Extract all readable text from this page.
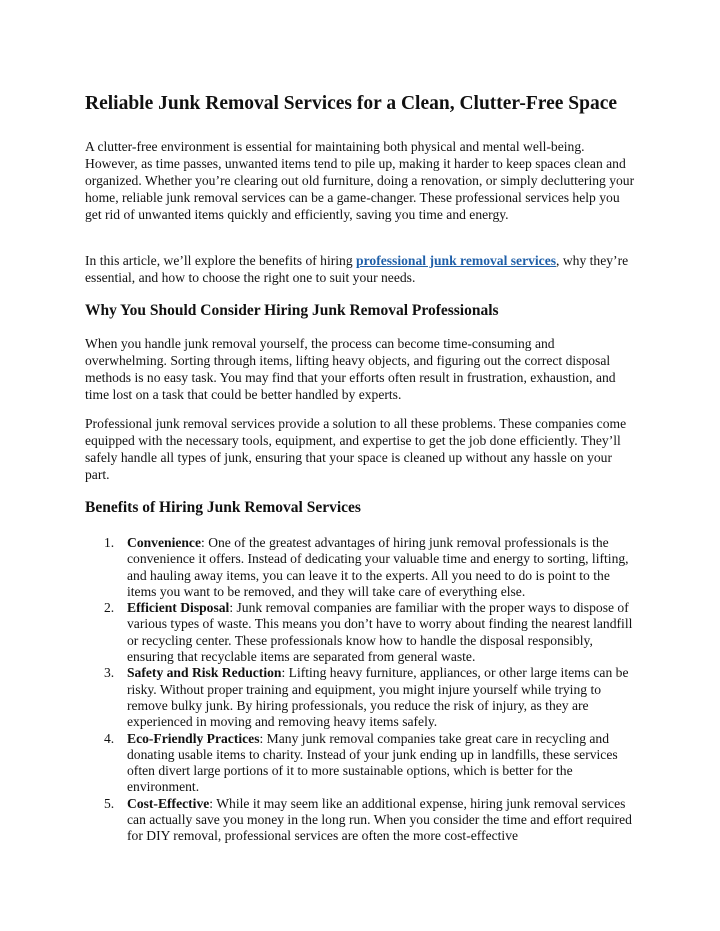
Reliable Junk Removal Services for a Clean, Clutter-Free Space

A clutter-free environment is essential for maintaining both physical and mental well-being. However, as time passes, unwanted items tend to pile up, making it harder to keep spaces clean and organized. Whether you’re clearing out old furniture, doing a renovation, or simply decluttering your home, reliable junk removal services can be a game-changer. These professional services help you get rid of unwanted items quickly and efficiently, saving you time and energy.

In this article, we’ll explore the benefits of hiring professional junk removal services, why they’re essential, and how to choose the right one to suit your needs.

Why You Should Consider Hiring Junk Removal Professionals

When you handle junk removal yourself, the process can become time-consuming and overwhelming. Sorting through items, lifting heavy objects, and figuring out the correct disposal methods is no easy task. You may find that your efforts often result in frustration, exhaustion, and time lost on a task that could be better handled by experts.

Professional junk removal services provide a solution to all these problems. These companies come equipped with the necessary tools, equipment, and expertise to get the job done efficiently. They’ll safely handle all types of junk, ensuring that your space is cleaned up without any hassle on your part.

Benefits of Hiring Junk Removal Services
1. Convenience: One of the greatest advantages of hiring junk removal professionals is the convenience it offers. Instead of dedicating your valuable time and energy to sorting, lifting, and hauling away items, you can leave it to the experts. All you need to do is point to the items you want to be removed, and they will take care of everything else.
2. Efficient Disposal: Junk removal companies are familiar with the proper ways to dispose of various types of waste. This means you don’t have to worry about finding the nearest landfill or recycling center. These professionals know how to handle the disposal responsibly, ensuring that recyclable items are separated from general waste.
3. Safety and Risk Reduction: Lifting heavy furniture, appliances, or other large items can be risky. Without proper training and equipment, you might injure yourself while trying to remove bulky junk. By hiring professionals, you reduce the risk of injury, as they are experienced in moving and removing heavy items safely.
4. Eco-Friendly Practices: Many junk removal companies take great care in recycling and donating usable items to charity. Instead of your junk ending up in landfills, these services often divert large portions of it to more sustainable options, which is better for the environment.
5. Cost-Effective: While it may seem like an additional expense, hiring junk removal services can actually save you money in the long run. When you consider the time and effort required for DIY removal, professional services are often the more cost-effective
